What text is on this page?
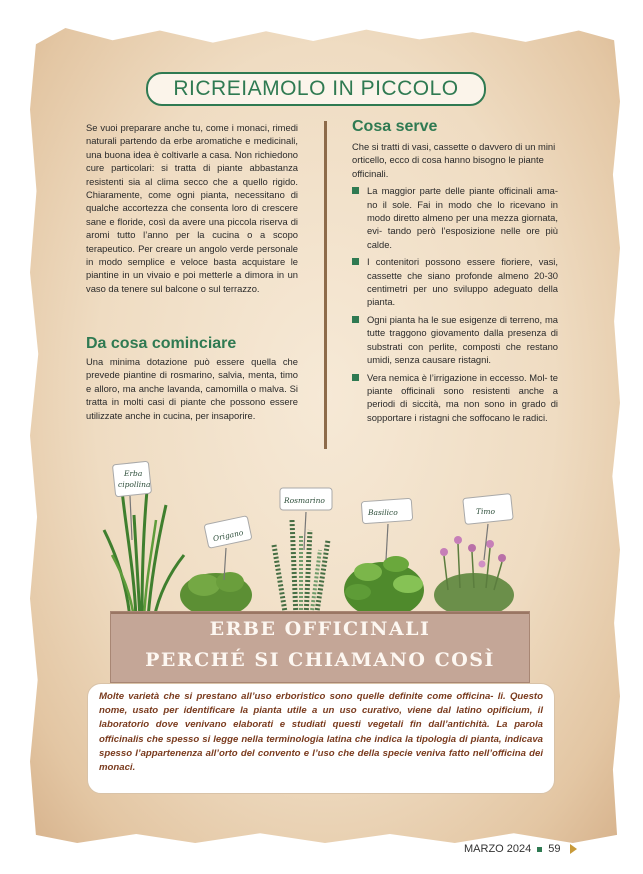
RICREIAMOLO IN PICCOLO
Se vuoi preparare anche tu, come i monaci, rimedi naturali partendo da erbe aromatiche e medicinali, una buona idea è coltivarle a casa. Non richiedono cure particolari: si tratta di piante abbastanza resistenti sia al clima secco che a quello rigido. Chiaramente, come ogni pianta, necessitano di qualche accortezza che consenta loro di crescere sane e floride, così da avere una piccola riserva di aromi tutto l’anno per la cucina o a scopo terapeutico. Per creare un angolo verde personale in modo semplice e veloce basta acquistare le piantine in un vivaio e poi metterle a dimora in un vaso da tenere sul balcone o sul terrazzo.
Da cosa cominciare
Una minima dotazione può essere quella che prevede piantine di rosmarino, salvia, menta, timo e alloro, ma anche lavanda, camomilla o malva. Si tratta in molti casi di piante che possono essere utilizzate anche in cucina, per insaporire.
Cosa serve
Che si tratti di vasi, cassette o davvero di un mini orticello, ecco di cosa hanno bisogno le piante officinali.
La maggior parte delle piante officinali ama- no il sole. Fai in modo che lo ricevano in modo diretto almeno per una mezza giornata, evi- tando però l’esposizione nelle ore più calde.
I contenitori possono essere fioriere, vasi, cassette che siano profonde almeno 20-30 centimetri per uno sviluppo adeguato della pianta.
Ogni pianta ha le sue esigenze di terreno, ma tutte traggono giovamento dalla presenza di substrati con perlite, composti che restano umidi, senza causare ristagni.
Vera nemica è l’irrigazione in eccesso. Mol- te piante officinali sono resistenti anche a periodi di siccità, ma non sono in grado di sopportare i ristagni che soffocano le radici.
Erba cipollina
Origano
Rosmarino
Basilico	Timo
ERBE OFFICINALI
PERCHÉ SI CHIAMANO COSÌ
Molte varietà che si prestano all’uso erboristico sono quelle definite come officina- li. Questo nome, usato per identificare la pianta utile a un uso curativo, viene dal latino opificium, il laboratorio dove venivano elaborati e studiati questi vegetali fin dall’antichità. La parola officinalis che spesso si legge nella terminologia latina che indica la tipologia di pianta, indicava spesso l’appartenenza all’orto del convento e l’uso che della specie veniva fatto nell’officina dei monaci.
MARZO 2024 59
